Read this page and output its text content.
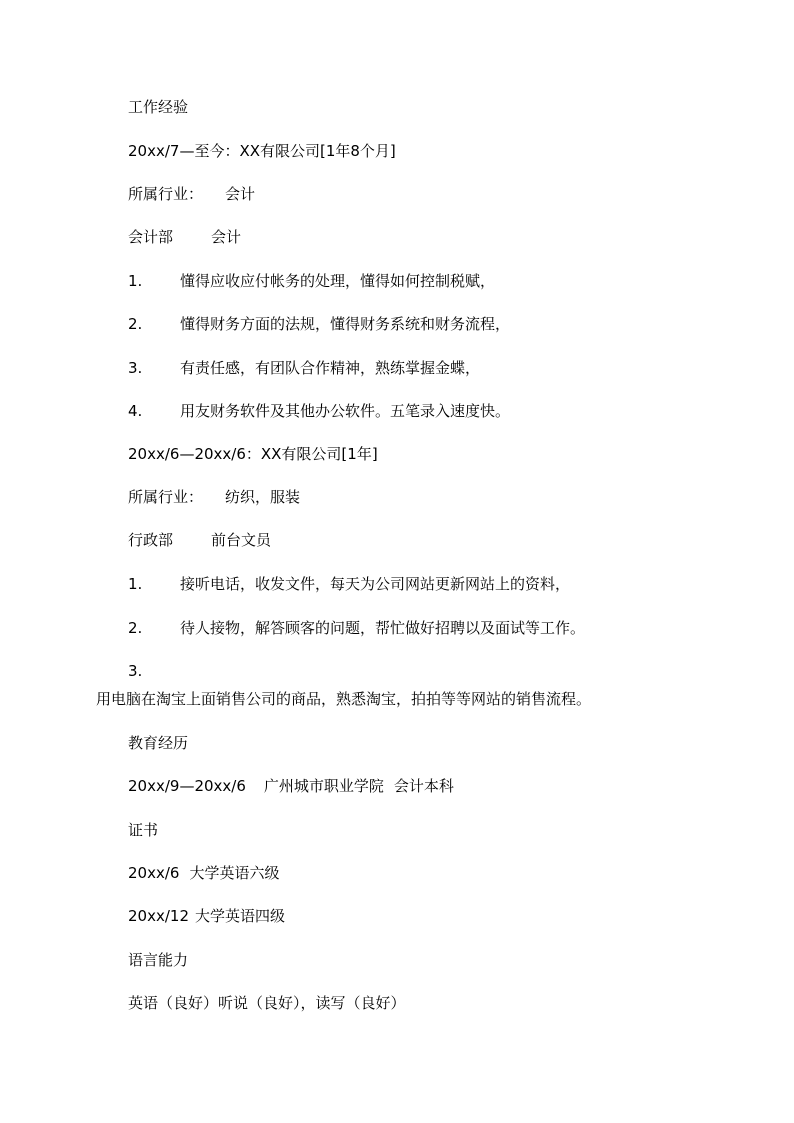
工作经验
20xx/7—至今：XX有限公司[1年8个月]
所属行业： 会计
会计部	会计
1.	懂得应收应付帐务的处理，懂得如何控制税赋，
2.	懂得财务方面的法规，懂得财务系统和财务流程，
3.	有责任感，有团队合作精神，熟练掌握金蝶，
4.	用友财务软件及其他办公软件。五笔录入速度快。
20xx/6—20xx/6：XX有限公司[1年]
所属行业： 纺织，服装
行政部	前台文员
1.	接听电话，收发文件，每天为公司网站更新网站上的资料，
2.	待人接物，解答顾客的问题，帮忙做好招聘以及面试等工作。
3.
用电脑在淘宝上面销售公司的商品，熟悉淘宝，拍拍等等网站的销售流程。
教育经历
20xx/9—20xx/6 广州城市职业学院 会计本科
证书
20xx/6 大学英语六级
20xx/12 大学英语四级
语言能力
英语（良好）听说（良好），读写（良好）
